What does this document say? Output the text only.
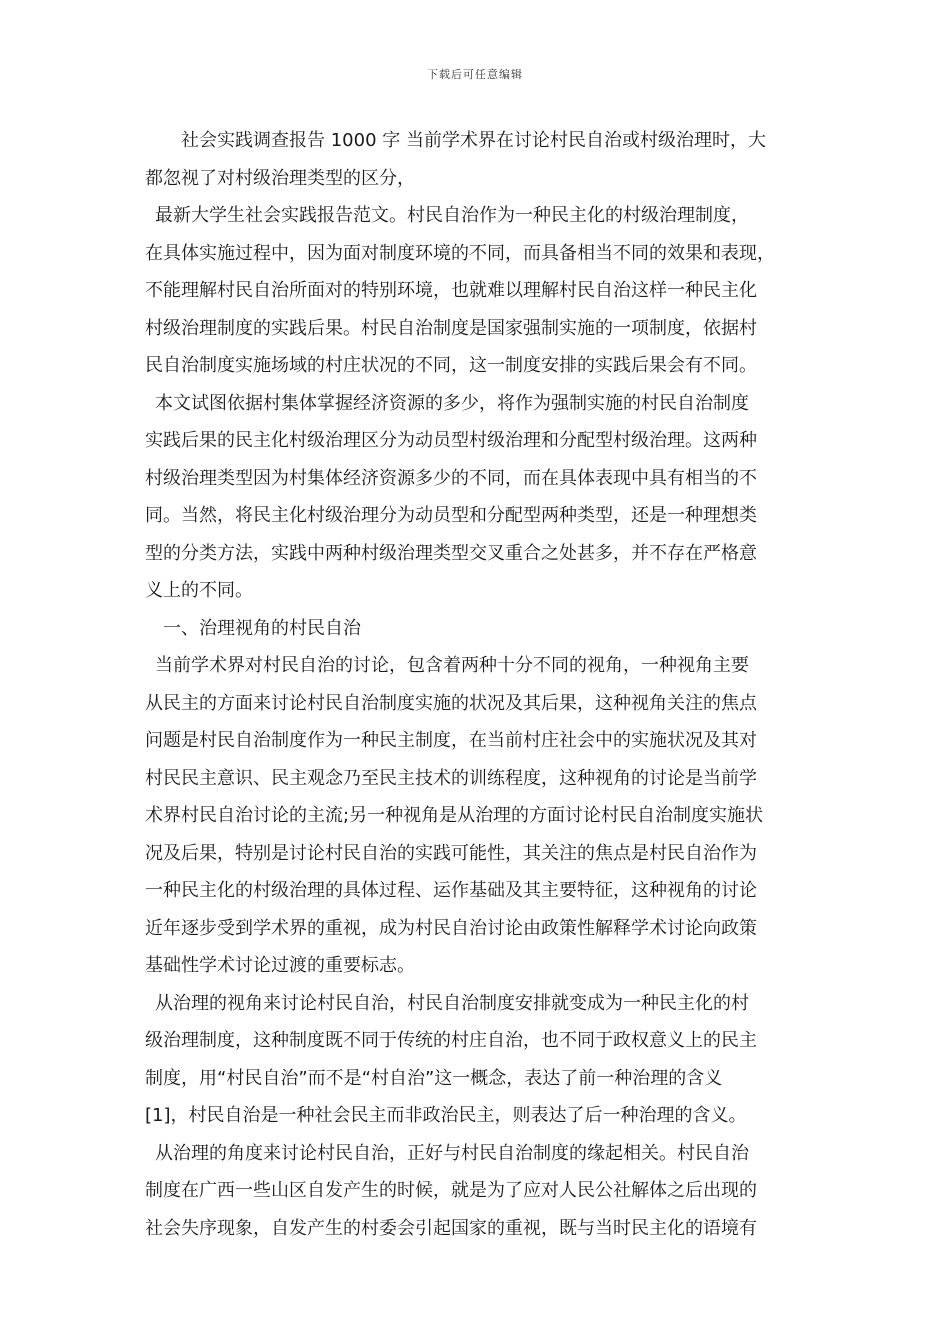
下载后可任意编辑
社会实践调查报告 1000 字 当前学术界在讨论村民自治或村级治理时，大
都忽视了对村级治理类型的区分，
最新大学生社会实践报告范文。村民自治作为一种民主化的村级治理制度，
在具体实施过程中，因为面对制度环境的不同，而具备相当不同的效果和表现，
不能理解村民自治所面对的特别环境，也就难以理解村民自治这样一种民主化
村级治理制度的实践后果。村民自治制度是国家强制实施的一项制度，依据村
民自治制度实施场域的村庄状况的不同，这一制度安排的实践后果会有不同。
本文试图依据村集体掌握经济资源的多少，将作为强制实施的村民自治制度
实践后果的民主化村级治理区分为动员型村级治理和分配型村级治理。这两种
村级治理类型因为村集体经济资源多少的不同，而在具体表现中具有相当的不
同。当然，将民主化村级治理分为动员型和分配型两种类型，还是一种理想类
型的分类方法，实践中两种村级治理类型交叉重合之处甚多，并不存在严格意
义上的不同。
一、治理视角的村民自治
当前学术界对村民自治的讨论，包含着两种十分不同的视角，一种视角主要
从民主的方面来讨论村民自治制度实施的状况及其后果，这种视角关注的焦点
问题是村民自治制度作为一种民主制度，在当前村庄社会中的实施状况及其对
村民民主意识、民主观念乃至民主技术的训练程度，这种视角的讨论是当前学
术界村民自治讨论的主流;另一种视角是从治理的方面讨论村民自治制度实施状
况及后果，特别是讨论村民自治的实践可能性，其关注的焦点是村民自治作为
一种民主化的村级治理的具体过程、运作基础及其主要特征，这种视角的讨论
近年逐步受到学术界的重视，成为村民自治讨论由政策性解释学术讨论向政策
基础性学术讨论过渡的重要标志。
从治理的视角来讨论村民自治，村民自治制度安排就变成为一种民主化的村
级治理制度，这种制度既不同于传统的村庄自治，也不同于政权意义上的民主
制度，用“村民自治”而不是“村自治”这一概念，表达了前一种治理的含义
[1]，村民自治是一种社会民主而非政治民主，则表达了后一种治理的含义。
从治理的角度来讨论村民自治，正好与村民自治制度的缘起相关。村民自治
制度在广西一些山区自发产生的时候，就是为了应对人民公社解体之后出现的
社会失序现象，自发产生的村委会引起国家的重视，既与当时民主化的语境有
